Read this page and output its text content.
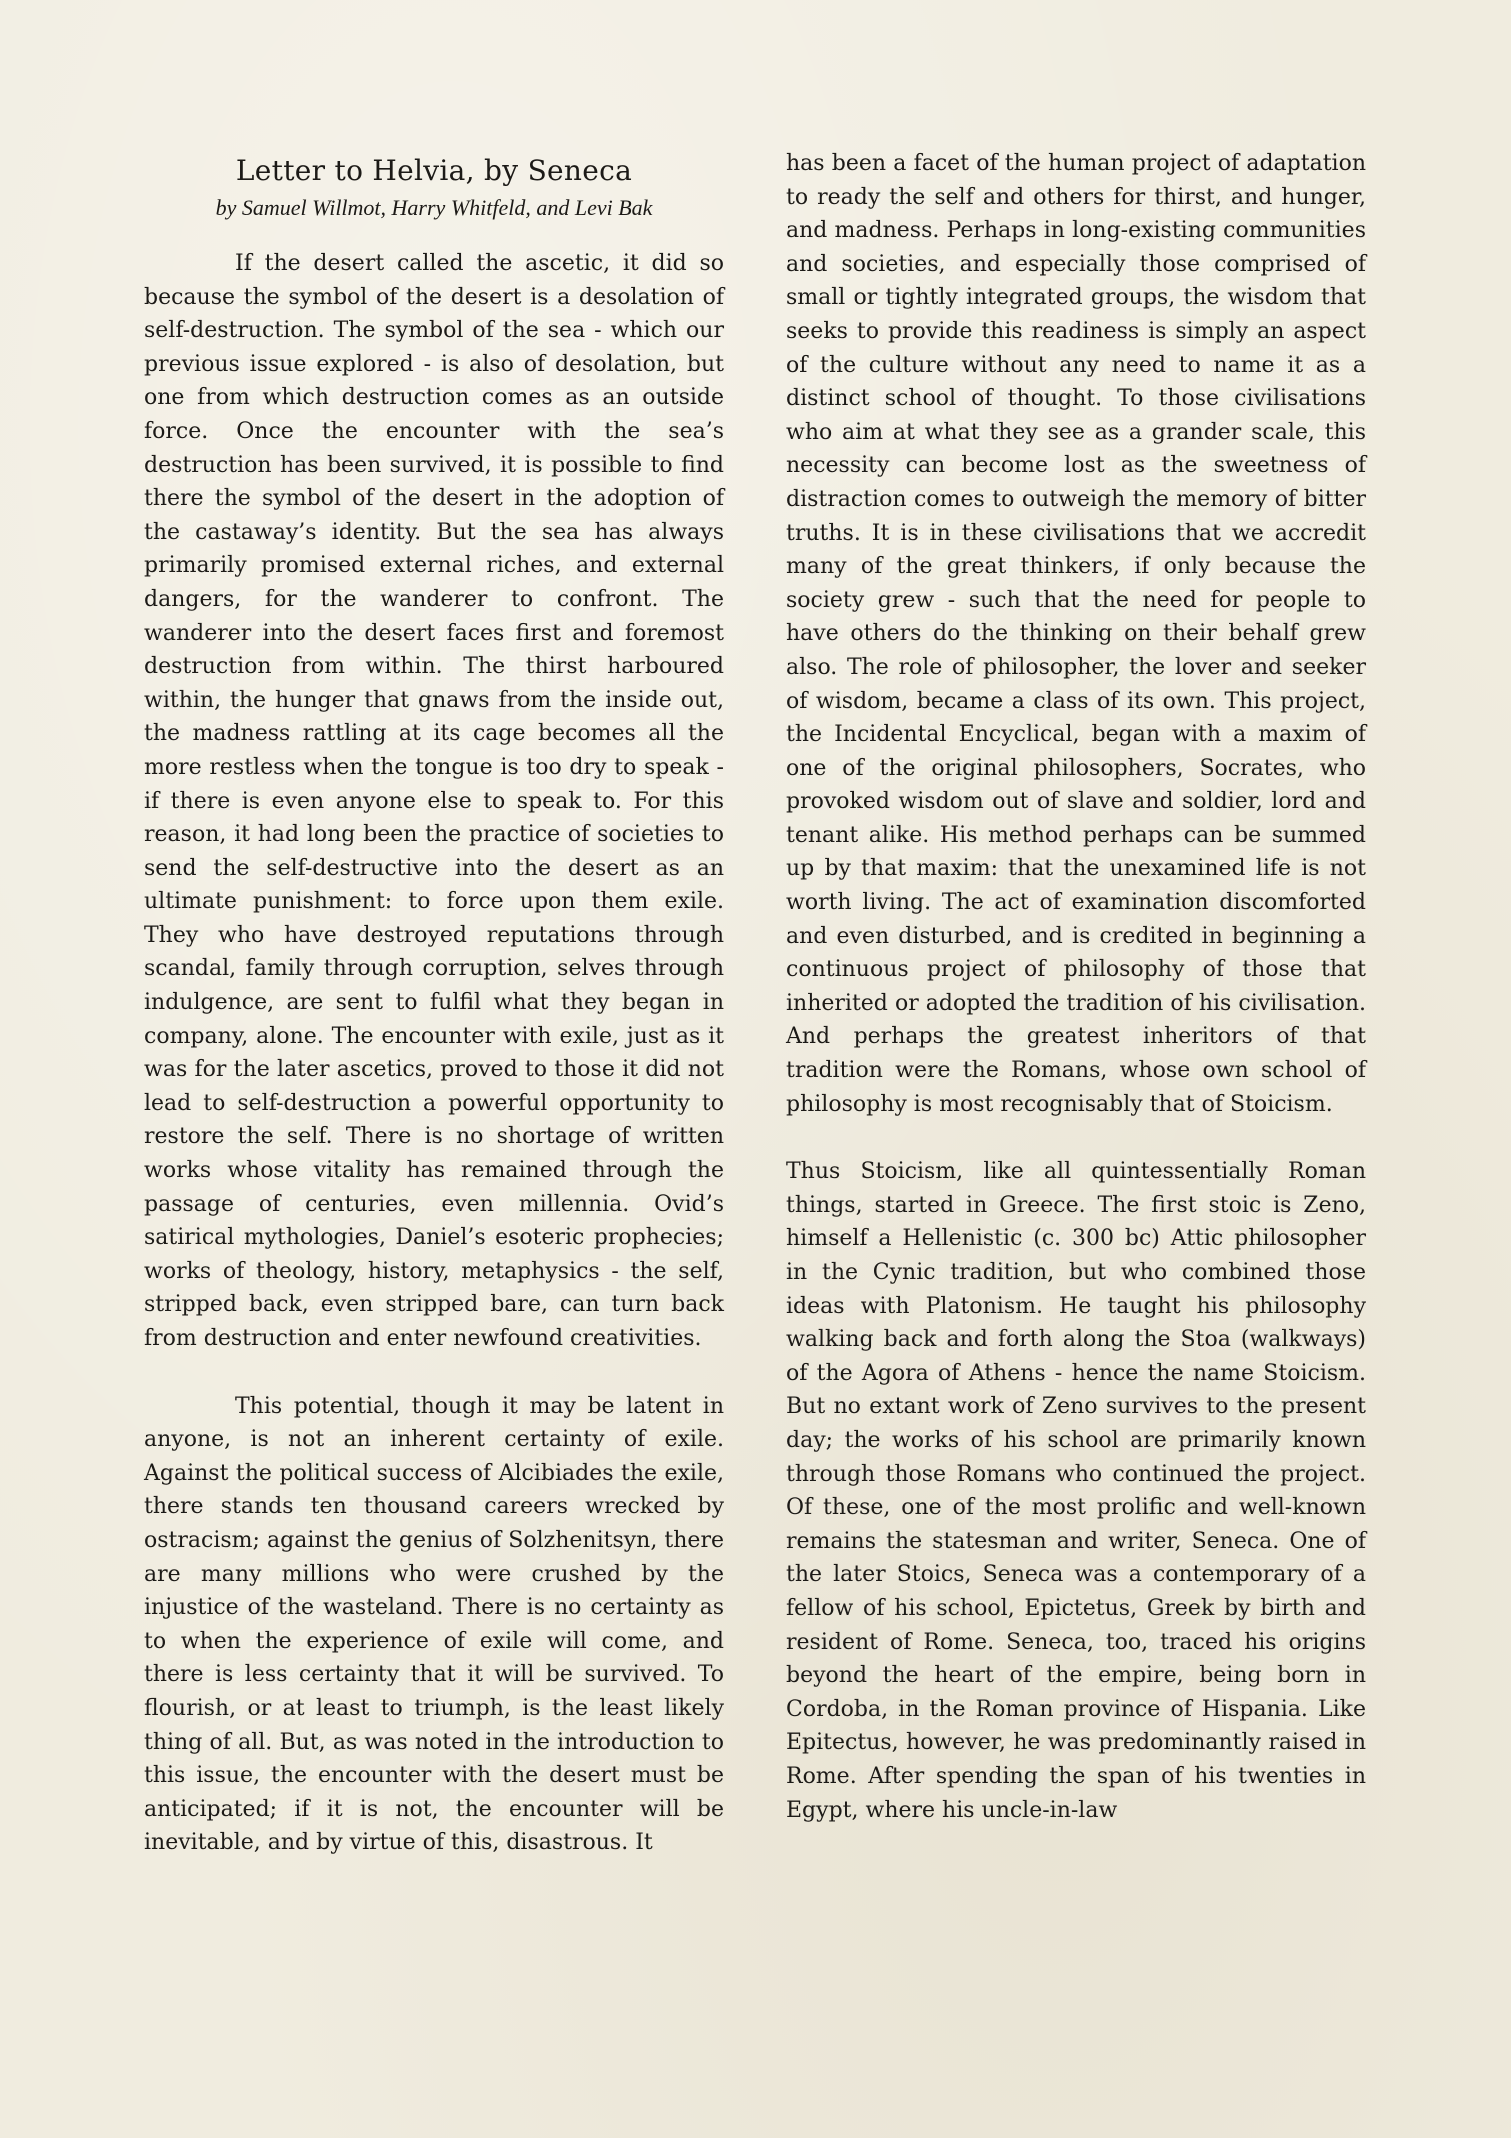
Letter to Helvia, by Seneca
by Samuel Willmot, Harry Whitfeld, and Levi Bak

If the desert called the ascetic, it did so because the symbol of the desert is a desolation of self-destruction. The symbol of the sea - which our previous issue explored - is also of desolation, but one from which destruction comes as an outside force. Once the encounter with the sea’s destruction has been survived, it is possible to find there the symbol of the desert in the adoption of the castaway’s identity. But the sea has always primarily promised external riches, and external dangers, for the wanderer to confront. The wanderer into the desert faces first and foremost destruction from within. The thirst harboured within, the hunger that gnaws from the inside out, the madness rattling at its cage becomes all the more restless when the tongue is too dry to speak - if there is even anyone else to speak to. For this reason, it had long been the practice of societies to send the self-destructive into the desert as an ultimate punishment: to force upon them exile. They who have destroyed reputations through scandal, family through corruption, selves through indulgence, are sent to fulfil what they began in company, alone. The encounter with exile, just as it was for the later ascetics, proved to those it did not lead to self-destruction a powerful opportunity to restore the self. There is no shortage of written works whose vitality has remained through the passage of centuries, even millennia. Ovid’s satirical mythologies, Daniel’s esoteric prophecies; works of theology, history, metaphysics - the self, stripped back, even stripped bare, can turn back from destruction and enter newfound creativities.

This potential, though it may be latent in anyone, is not an inherent certainty of exile. Against the political success of Alcibiades the exile, there stands ten thousand careers wrecked by ostracism; against the genius of Solzhenitsyn, there are many millions who were crushed by the injustice of the wasteland. There is no certainty as to when the experience of exile will come, and there is less certainty that it will be survived. To flourish, or at least to triumph, is the least likely thing of all. But, as was noted in the introduction to this issue, the encounter with the desert must be anticipated; if it is not, the encounter will be inevitable, and by virtue of this, disastrous. It

has been a facet of the human project of adaptation to ready the self and others for thirst, and hunger, and madness. Perhaps in long-existing communities and societies, and especially those comprised of small or tightly integrated groups, the wisdom that seeks to provide this readiness is simply an aspect of the culture without any need to name it as a distinct school of thought. To those civilisations who aim at what they see as a grander scale, this necessity can become lost as the sweetness of distraction comes to outweigh the memory of bitter truths. It is in these civilisations that we accredit many of the great thinkers, if only because the society grew - such that the need for people to have others do the thinking on their behalf grew also. The role of philosopher, the lover and seeker of wisdom, became a class of its own. This project, the Incidental Encyclical, began with a maxim of one of the original philosophers, Socrates, who provoked wisdom out of slave and soldier, lord and tenant alike. His method perhaps can be summed up by that maxim: that the unexamined life is not worth living. The act of examination discomforted and even disturbed, and is credited in beginning a continuous project of philosophy of those that inherited or adopted the tradition of his civilisation. And perhaps the greatest inheritors of that tradition were the Romans, whose own school of philosophy is most recognisably that of Stoicism.

Thus Stoicism, like all quintessentially Roman things, started in Greece. The first stoic is Zeno, himself a Hellenistic (c. 300 bc) Attic philosopher in the Cynic tradition, but who combined those ideas with Platonism. He taught his philosophy walking back and forth along the Stoa (walkways) of the Agora of Athens - hence the name Stoicism. But no extant work of Zeno survives to the present day; the works of his school are primarily known through those Romans who continued the project. Of these, one of the most prolific and well-known remains the statesman and writer, Seneca. One of the later Stoics, Seneca was a contemporary of a fellow of his school, Epictetus, Greek by birth and resident of Rome. Seneca, too, traced his origins beyond the heart of the empire, being born in Cordoba, in the Roman province of Hispania. Like Epitectus, however, he was predominantly raised in Rome. After spending the span of his twenties in Egypt, where his uncle-in-law
